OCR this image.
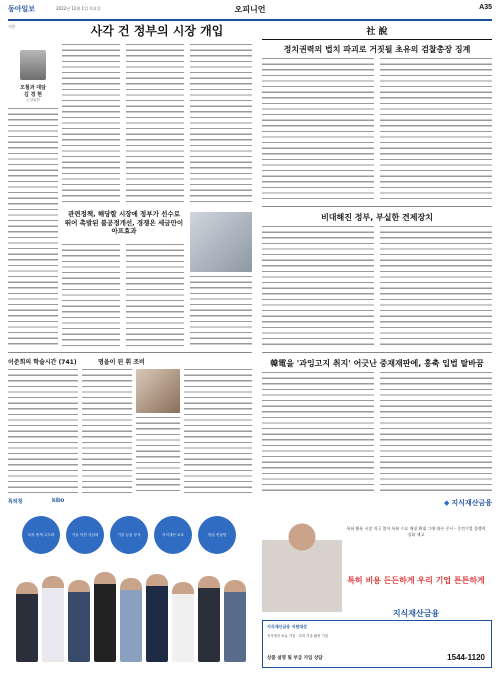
동아일보	2022년 12월 1일 목요일	오피니언	A35
시론	사각 건 정부의 시장 개입
오철과 대담
김 경 현
논설위원
관련정책, 해당할 시장에 정부가 선수로 뛰어 촉발된 불공정개선, 경쟁은 세금만이 아프효과
이준희의 학술시간 (741)	명을이 된 휘 조비
社 說
정치권력의 법치 파괴로 거짓될 초유의 검찰총장 징계
비대해진 정부, 부실한 견제장치
韓電을 '과잉고지 취지' 어긋난 중재재판에, 홍축 입법 탈바꿈
특허청	kibo
특허 중개 고도화	기술 이전 사업화	기술 금융 투자	지식재산 보호	창업 컨설팅
◆ 지식재산금융
특허 활용 시장 적극 열어 특허 수요 매칭 확대 그에 따른 중시 - 중견기업 경쟁력 강화 제고
특허 비용 든든하게 우리 기업 튼튼하게
지식재산금융
지식재산금융 지원대상
지식재산 보유 기업 · 특허 기술 활용 기업
상품 설명 및 부급 가입 상담	1544-1120
